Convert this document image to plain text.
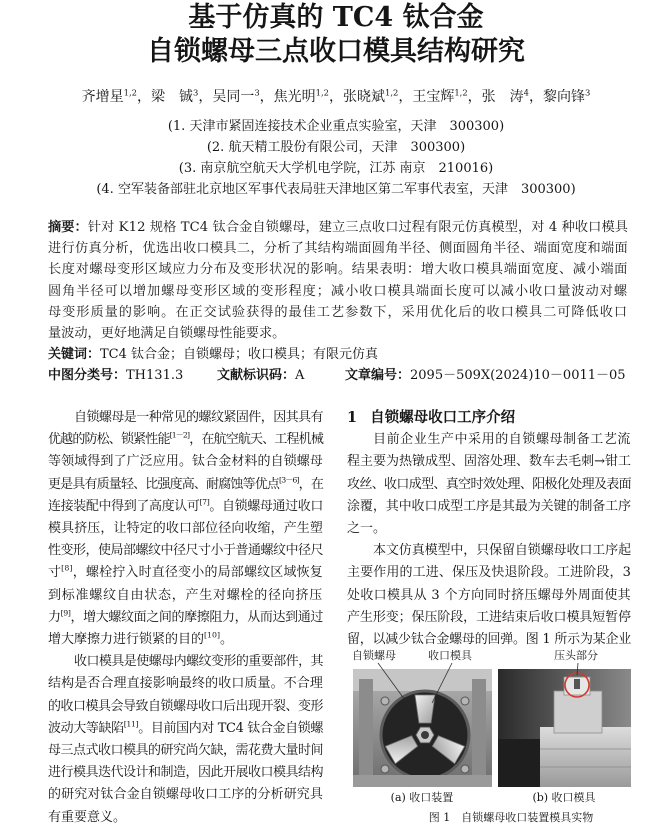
基于仿真的 TC4 钛合金
自锁螺母三点收口模具结构研究
齐增星$^{1,2}$，梁　铖$^3$，吴同一$^3$，焦光明$^{1,2}$，张晓斌$^{1,2}$，王宝辉$^{1,2}$，张　涛$^4$，黎向锋$^3$
(1. 天津市紧固连接技术企业重点实验室，天津　300300)
(2. 航天精工股份有限公司，天津　300300)
(3. 南京航空航天大学机电学院，江苏 南京　210016)
(4. 空军装备部驻北京地区军事代表局驻天津地区第二军事代表室，天津　300300)
摘要：针对 K12 规格 TC4 钛合金自锁螺母，建立三点收口过程有限元仿真模型，对 4 种收口模具
进行仿真分析，优选出收口模具二，分析了其结构端面圆角半径、侧面圆角半径、端面宽度和端面
长度对螺母变形区域应力分布及变形状况的影响。结果表明：增大收口模具端面宽度、减小端面
圆角半径可以增加螺母变形区域的变形程度；减小收口模具端面长度可以减小收口量波动对螺
母变形质量的影响。在正交试验获得的最佳工艺参数下，采用优化后的收口模具二可降低收口
量波动，更好地满足自锁螺母性能要求。
关键词：TC4 钛合金；自锁螺母；收口模具；有限元仿真
中图分类号：TH131.3	文献标识码：A	文章编号：2095－509X(2024)10－0011－05
自锁螺母是一种常见的螺纹紧固件，因其具有
优越的防松、锁紧性能[1－2]，在航空航天、工程机械
等领域得到了广泛应用。钛合金材料的自锁螺母
更是具有质量轻、比强度高、耐腐蚀等优点[3－6]，在
连接装配中得到了高度认可[7]。自锁螺母通过收口
模具挤压，让特定的收口部位径向收缩，产生塑
性变形，使局部螺纹中径尺寸小于普通螺纹中径尺
寸[8]，螺栓拧入时直径变小的局部螺纹区域恢复
到标准螺纹自由状态，产生对螺栓的径向挤压
力[9]，增大螺纹面之间的摩擦阻力，从而达到通过
增大摩擦力进行锁紧的目的[10]。
收口模具是使螺母内螺纹变形的重要部件，其
结构是否合理直接影响最终的收口质量。不合理
的收口模具会导致自锁螺母收口后出现开裂、变形
波动大等缺陷[11]。目前国内对 TC4 钛合金自锁螺
母三点式收口模具的研究尚欠缺，需花费大量时间
进行模具迭代设计和制造，因此开展收口模具结构
的研究对钛合金自锁螺母收口工序的分析研究具
有重要意义。
1 自锁螺母收口工序介绍
目前企业生产中采用的自锁螺母制备工艺流
程主要为热镦成型、固溶处理、数车去毛刺→钳工
攻丝、收口成型、真空时效处理、阳极化处理及表面
涂覆，其中收口成型工序是其最为关键的制备工序
之一。
本文仿真模型中，只保留自锁螺母收口工序起
主要作用的工进、保压及快退阶段。工进阶段，3
处收口模具从 3 个方向同时挤压螺母外周面使其
产生形变；保压阶段，工进结束后收口模具短暂停
留，以减少钛合金螺母的回弹。图 1 所示为某企业
自锁螺母	收口模具	压头部分
(a) 收口装置	(b) 收口模具
图 1　自锁螺母收口装置模具实物
